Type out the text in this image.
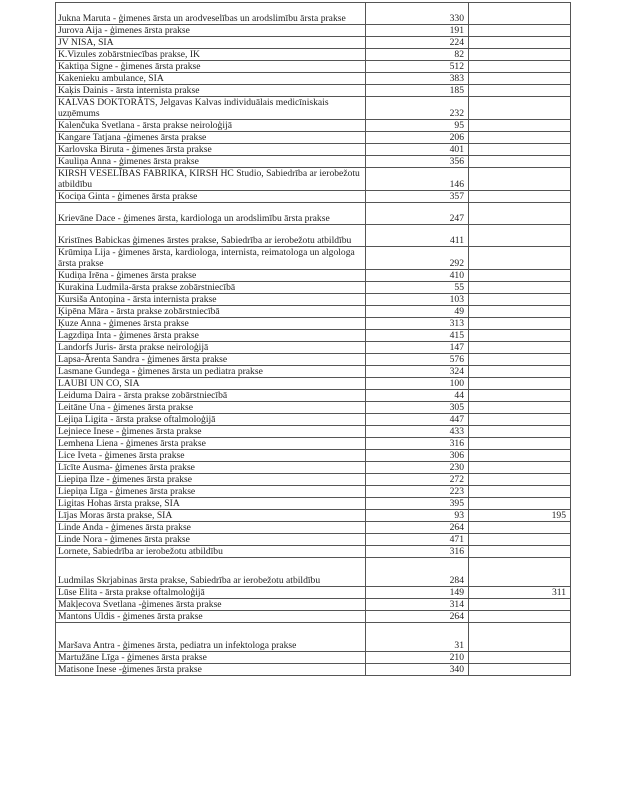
Jukna Maruta - ģimenes ārsta un arodveselības un arodslimību ārsta prakse	330	
Jurova Aija - ģimenes ārsta prakse	191	
JV NISA, SIA	224	
K.Vizules zobārstniecības prakse, IK	82	
Kaktiņa Signe - ģimenes ārsta prakse	512	
Kakenieku ambulance, SIA	383	
Kaķis Dainis - ārsta internista prakse	185	
KALVAS DOKTORĀTS, Jelgavas Kalvas individuālais medicīniskais uzņēmums	232	
Kalenčuka Svetlana - ārsta prakse neiroloģijā	95	
Kangare Tatjana -ģimenes ārsta prakse	206	
Karlovska Biruta - ģimenes ārsta prakse	401	
Kauliņa Anna - ģimenes ārsta prakse	356	
KIRSH VESELĪBAS FABRIKA, KIRSH HC Studio, Sabiedrība ar ierobežotu atbildību	146	
Kociņa Ginta - ģimenes ārsta prakse	357	
Krievāne Dace - ģimenes ārsta, kardiologa un arodslimību ārsta prakse	247	
Kristīnes Babickas ģimenes ārstes prakse, Sabiedrība ar ierobežotu atbildību	411	
Krūmiņa Lija - ģimenes ārsta, kardiologa, internista, reimatologa un algologa ārsta prakse	292	
Kudiņa Irēna - ģimenes ārsta prakse	410	
Kurakina Ludmila-ārsta prakse zobārstniecībā	55	
Kursiša Antoņina - ārsta internista prakse	103	
Ķipēna Māra - ārsta prakse zobārstniecībā	49	
Ķuze Anna - ģimenes ārsta prakse	313	
Lagzdiņa Inta - ģimenes ārsta prakse	415	
Landorfs Juris- ārsta prakse neiroloģijā	147	
Lapsa-Ārenta Sandra - ģimenes ārsta prakse	576	
Lasmane Gundega - ģimenes ārsta un pediatra prakse	324	
LAUBI UN CO, SIA	100	
Leiduma Daira - ārsta prakse zobārstniecībā	44	
Leitāne Una - ģimenes ārsta prakse	305	
Lejiņa Ligita - ārsta prakse oftalmoloģijā	447	
Lejniece Inese - ģimenes ārsta prakse	433	
Lemhena Liena - ģimenes ārsta prakse	316	
Lice Iveta - ģimenes ārsta prakse	306	
Līcīte Ausma- ģimenes ārsta prakse	230	
Liepiņa Ilze - ģimenes ārsta prakse	272	
Liepiņa Līga - ģimenes ārsta prakse	223	
Ligitas Hohas ārsta prakse, SIA	395	
Lījas Moras ārsta prakse, SIA	93	195
Linde Anda - ģimenes ārsta prakse	264	
Linde Nora - ģimenes ārsta prakse	471	
Lornete, Sabiedrība ar ierobežotu atbildību	316	
Ludmilas Skrjabinas ārsta prakse, Sabiedrība ar ierobežotu atbildību	284	
Lūse Elita - ārsta prakse oftalmoloģijā	149	311
Makļecova Svetlana -ģimenes ārsta prakse	314	
Mantons Uldis - ģimenes ārsta prakse	264	
Maršava Antra - ģimenes ārsta, pediatra un infektologa prakse	31	
Martužāne Līga - ģimenes ārsta prakse	210	
Matisone Inese -ģimenes ārsta prakse	340	
